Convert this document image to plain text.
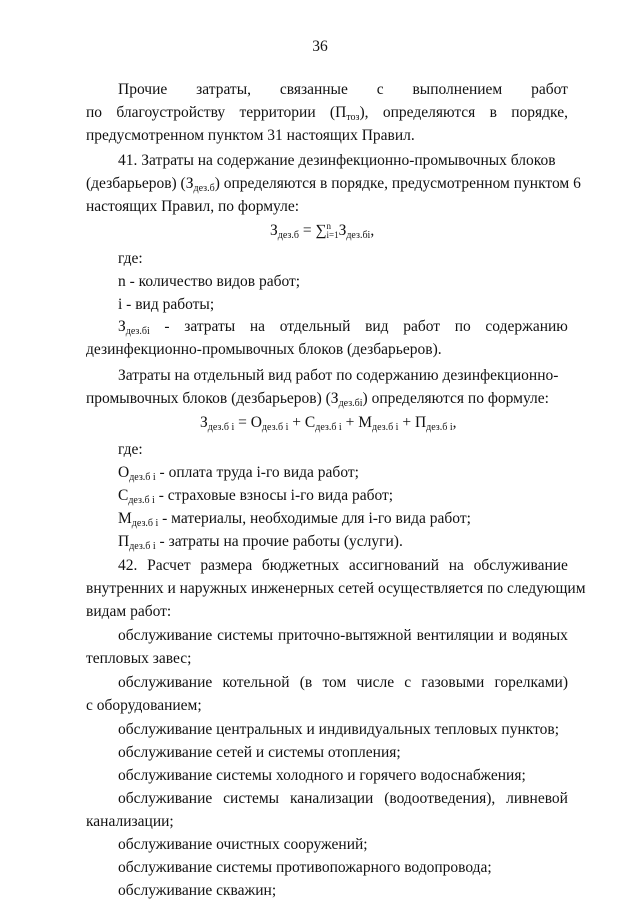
36
Прочие затраты, связанные с выполнением работ
по благоустройству территории $(П_{тоз})$, определяются в порядке,
предусмотренном пунктом 31 настоящих Правил.
41. Затраты на содержание дезинфекционно-промывочных блоков
(дезбарьеров) $(З_{дез.б})$ определяются в порядке, предусмотренном пунктом 6
настоящих Правил, по формуле:
$З_{дез.б}$ = ∑ n
i=1 $З_{дез.бi}$,
где:
n - количество видов работ;
i - вид работы;
$З_{дез.бi}$ - затраты на отдельный вид работ по содержанию
дезинфекционно-промывочных блоков (дезбарьеров).
Затраты на отдельный вид работ по содержанию дезинфекционно-
промывочных блоков (дезбарьеров) $(З_{дез.бi})$ определяются по формуле:
$З_{дез.б i} = О_{дез.б i} + С_{дез.б i} + М_{дез.б i} + П_{дез.б i}$,
где:
$О_{дез.б i}$ - оплата труда i-го вида работ;
$С_{дез.б i}$ - страховые взносы i-го вида работ;
$М_{дез.б i}$ - материалы, необходимые для i-го вида работ;
$П_{дез.б i}$ - затраты на прочие работы (услуги).
42. Расчет размера бюджетных ассигнований на обслуживание
внутренних и наружных инженерных сетей осуществляется по следующим
видам работ:
обслуживание системы приточно-вытяжной вентиляции и водяных
тепловых завес;
обслуживание котельной (в том числе с газовыми горелками)
с оборудованием;
обслуживание центральных и индивидуальных тепловых пунктов;
обслуживание сетей и системы отопления;
обслуживание системы холодного и горячего водоснабжения;
обслуживание системы канализации (водоотведения), ливневой
канализации;
обслуживание очистных сооружений;
обслуживание системы противопожарного водопровода;
обслуживание скважин;
